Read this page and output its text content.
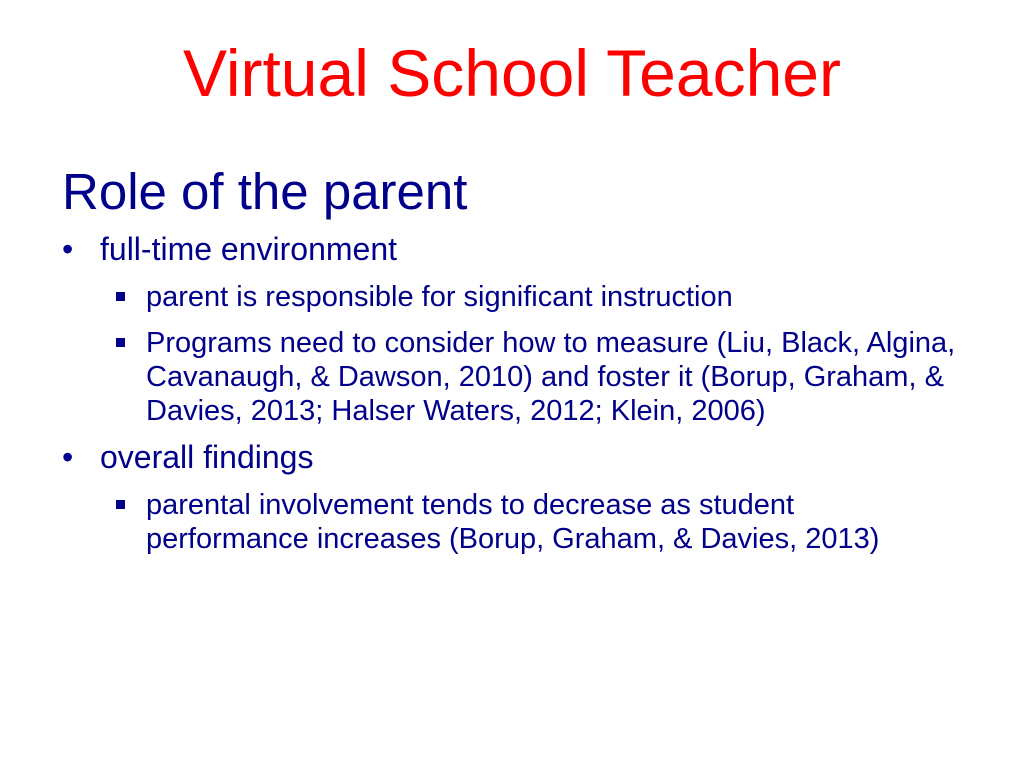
Virtual School Teacher
Role of the parent
• full-time environment
parent is responsible for significant instruction
Programs need to consider how to measure (Liu, Black, Algina, Cavanaugh, & Dawson, 2010) and foster it (Borup, Graham, & Davies, 2013; Halser Waters, 2012; Klein, 2006)
• overall findings
parental involvement tends to decrease as student performance increases (Borup, Graham, & Davies, 2013)
